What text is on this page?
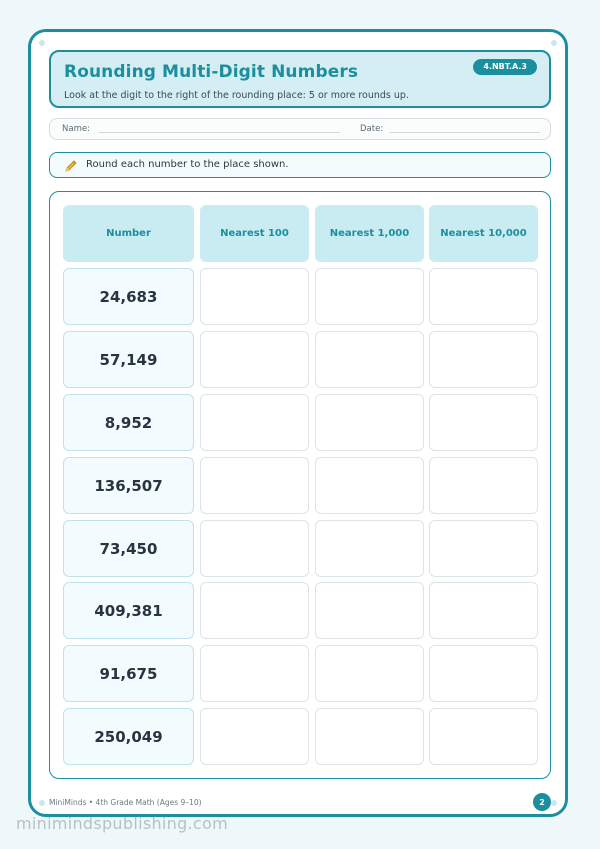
Rounding Multi-Digit Numbers
Look at the digit to the right of the rounding place: 5 or more rounds up.
4.NBT.A.3
Name:	Date:
Round each number to the place shown.
Number	Nearest 100	Nearest 1,000	Nearest 10,000
24,683
57,149
8,952
136,507
73,450
409,381
91,675
250,049
MiniMinds • 4th Grade Math (Ages 9–10)	2
minimindspublishing.com
